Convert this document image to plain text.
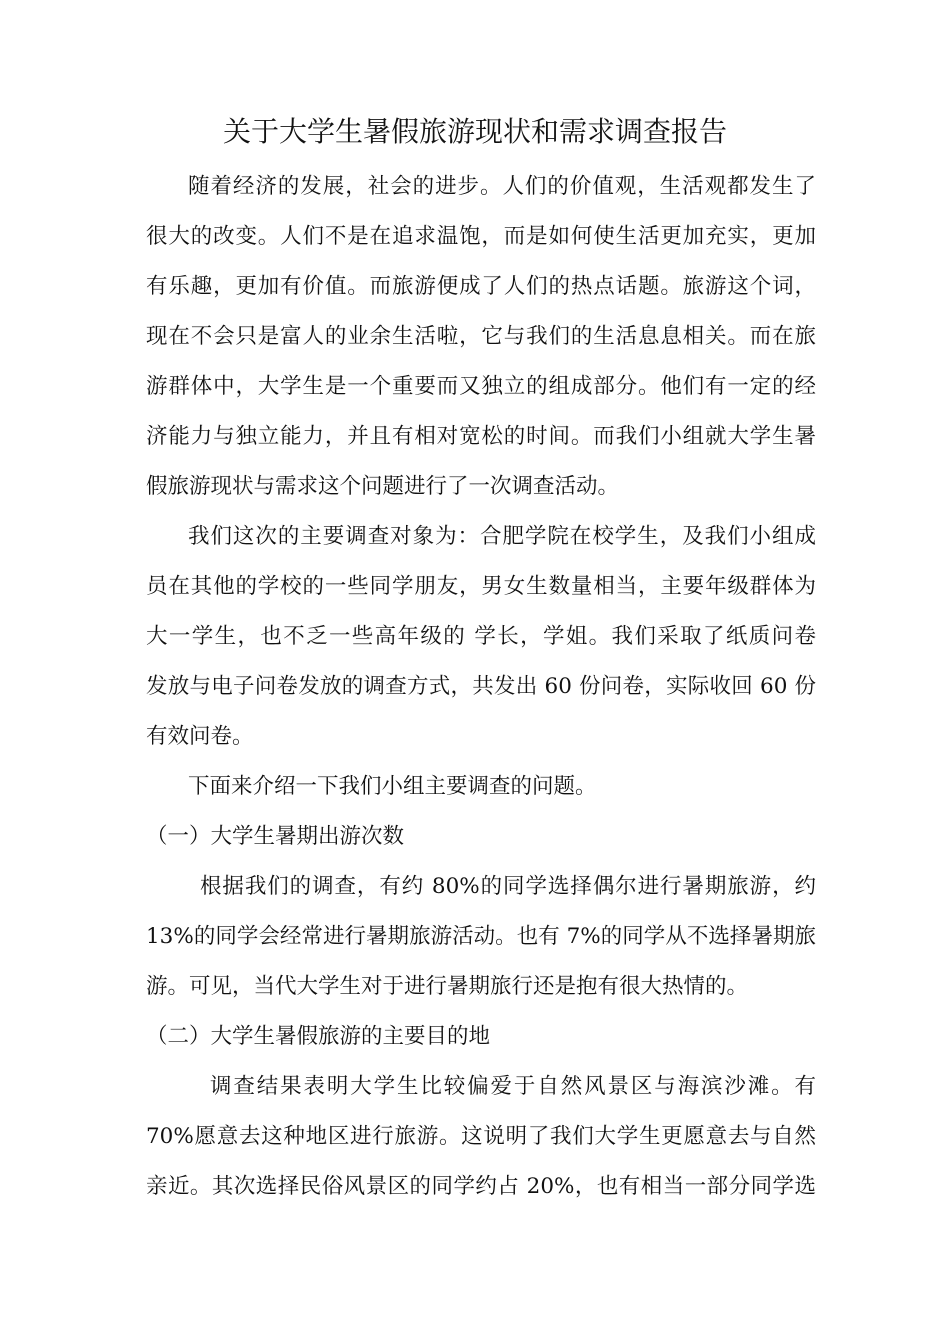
关于大学生暑假旅游现状和需求调查报告
随着经济的发展，社会的进步。人们的价值观，生活观都发生了
很大的改变。人们不是在追求温饱，而是如何使生活更加充实，更加
有乐趣，更加有价值。而旅游便成了人们的热点话题。旅游这个词，
现在不会只是富人的业余生活啦，它与我们的生活息息相关。而在旅
游群体中，大学生是一个重要而又独立的组成部分。他们有一定的经
济能力与独立能力，并且有相对宽松的时间。而我们小组就大学生暑
假旅游现状与需求这个问题进行了一次调查活动。
我们这次的主要调查对象为：合肥学院在校学生，及我们小组成
员在其他的学校的一些同学朋友，男女生数量相当，主要年级群体为
大一学生，也不乏一些高年级的 学长，学姐。我们采取了纸质问卷
发放与电子问卷发放的调查方式，共发出 60 份问卷，实际收回 60 份
有效问卷。
下面来介绍一下我们小组主要调查的问题。
（一）大学生暑期出游次数
根据我们的调查，有约 80%的同学选择偶尔进行暑期旅游，约
13%的同学会经常进行暑期旅游活动。也有 7%的同学从不选择暑期旅
游。可见，当代大学生对于进行暑期旅行还是抱有很大热情的。
（二）大学生暑假旅游的主要目的地
调查结果表明大学生比较偏爱于自然风景区与海滨沙滩。有
70%愿意去这种地区进行旅游。这说明了我们大学生更愿意去与自然
亲近。其次选择民俗风景区的同学约占 20%，也有相当一部分同学选
